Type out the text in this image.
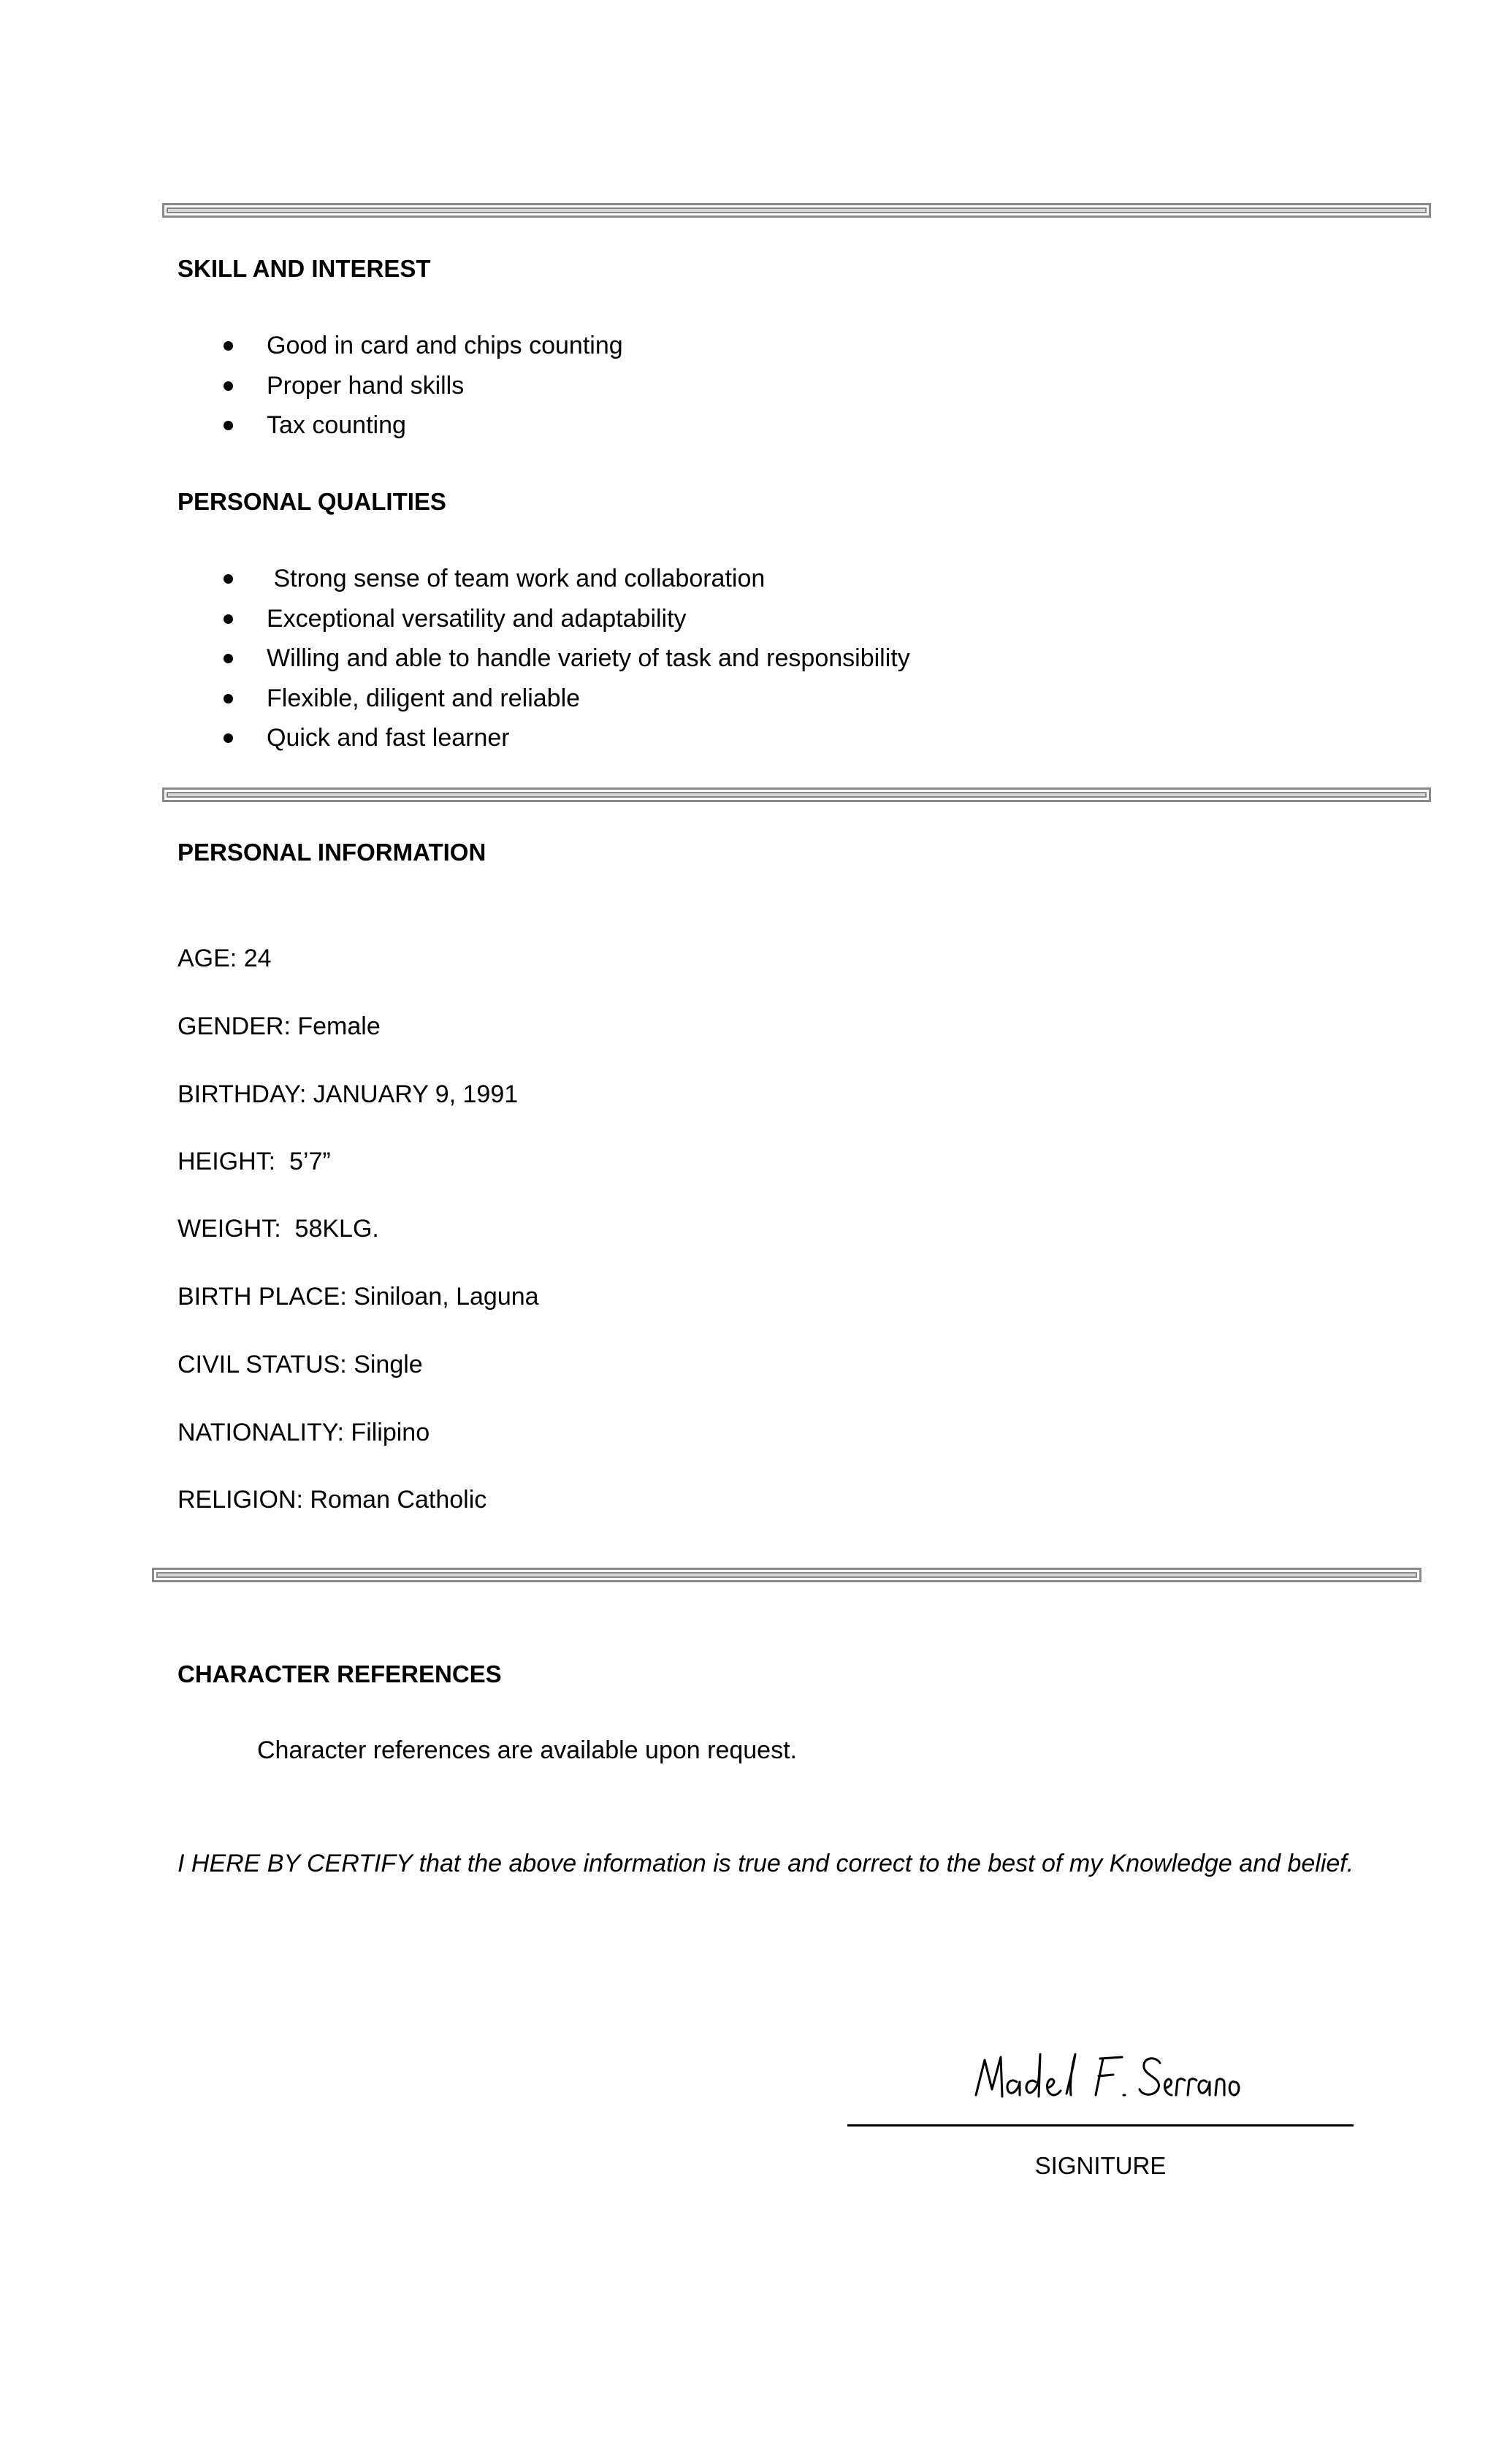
SKILL AND INTEREST
Good in card and chips counting
Proper hand skills
Tax counting
PERSONAL QUALITIES
Strong sense of team work and collaboration
Exceptional versatility and adaptability
Willing and able to handle variety of task and responsibility
Flexible, diligent and reliable
Quick and fast learner
PERSONAL INFORMATION

AGE: 24

GENDER: Female

BIRTHDAY: JANUARY 9, 1991

HEIGHT:  5’7”

WEIGHT:  58KLG.

BIRTH PLACE: Siniloan, Laguna

CIVIL STATUS: Single

NATIONALITY: Filipino

RELIGION: Roman Catholic

CHARACTER REFERENCES
Character references are available upon request.
I HERE BY CERTIFY that the above information is true and correct to the best of my Knowledge and belief.
SIGNITURE
